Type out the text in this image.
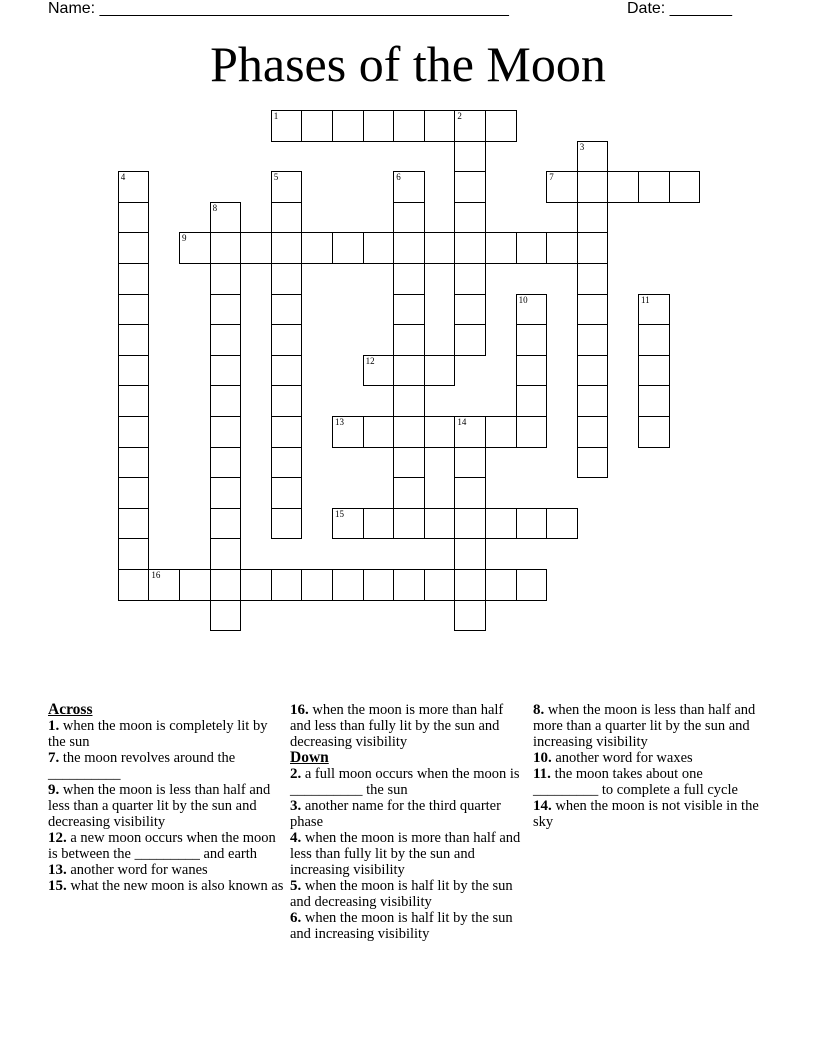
Name: ______________________________________________	Date: _______
Phases of the Moon
1	2
7
9
12
13	14
15
16
3
4	5	6
8
10	11
Across
1. when the moon is completely lit by the sun
7. the moon revolves around the __________
9. when the moon is less than half and less than a quarter lit by the sun and decreasing visibility
12. a new moon occurs when the moon is between the _________ and earth
13. another word for wanes
15. what the new moon is also known as
16. when the moon is more than half and less than fully lit by the sun and decreasing visibility
Down
2. a full moon occurs when the moon is __________ the sun
3. another name for the third quarter phase
4. when the moon is more than half and less than fully lit by the sun and increasing visibility
5. when the moon is half lit by the sun and decreasing visibility
6. when the moon is half lit by the sun and increasing visibility
8. when the moon is less than half and more than a quarter lit by the sun and increasing visibility
10. another word for waxes
11. the moon takes about one _________ to complete a full cycle
14. when the moon is not visible in the sky
